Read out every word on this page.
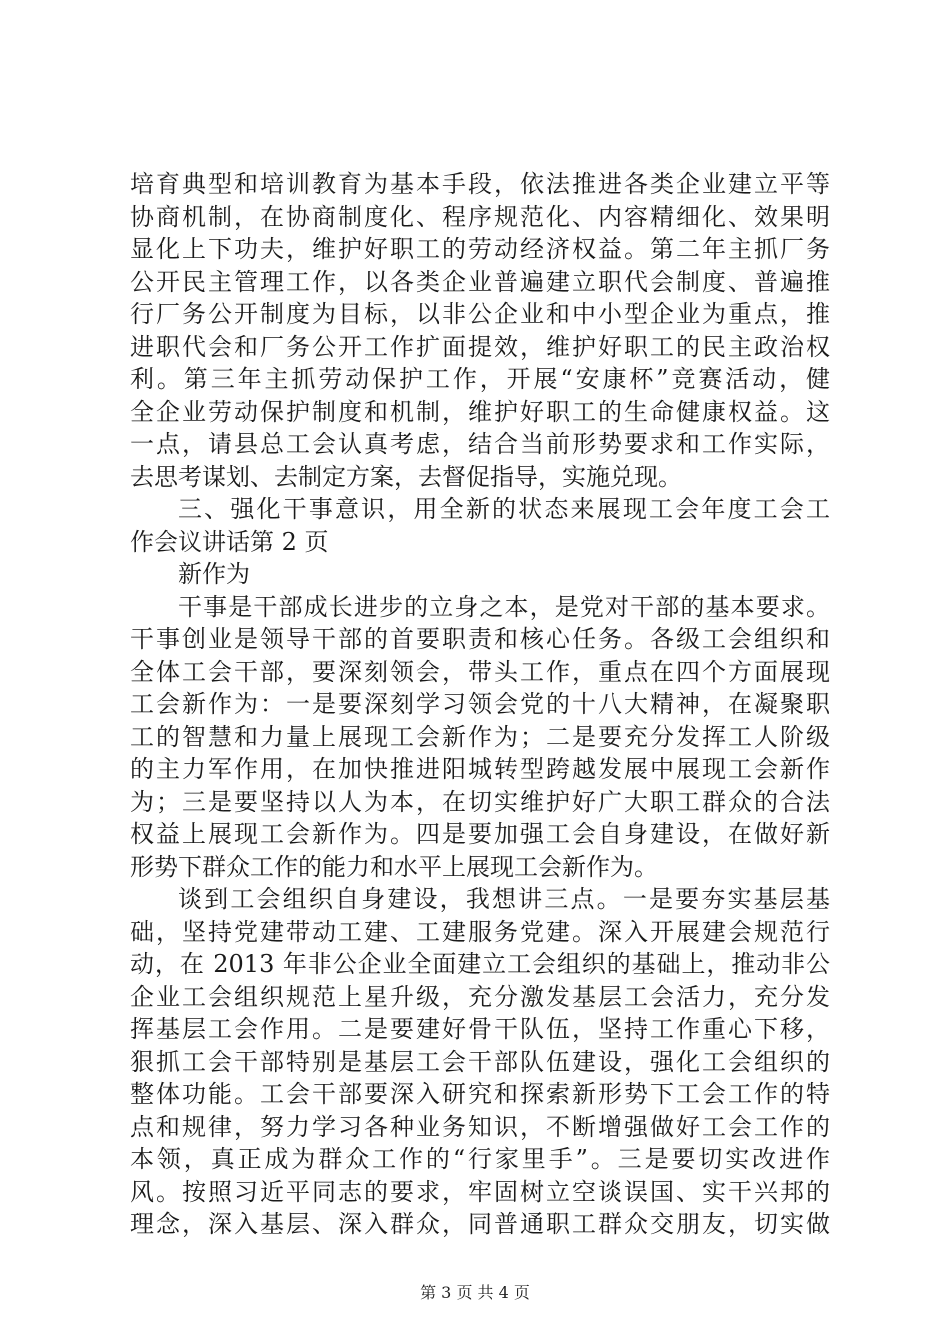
培育典型和培训教育为基本手段，依法推进各类企业建立平等
协商机制，在协商制度化、程序规范化、内容精细化、效果明
显化上下功夫，维护好职工的劳动经济权益。第二年主抓厂务
公开民主管理工作，以各类企业普遍建立职代会制度、普遍推
行厂务公开制度为目标，以非公企业和中小型企业为重点，推
进职代会和厂务公开工作扩面提效，维护好职工的民主政治权
利。第三年主抓劳动保护工作，开展“安康杯”竞赛活动，健
全企业劳动保护制度和机制，维护好职工的生命健康权益。这
一点，请县总工会认真考虑，结合当前形势要求和工作实际，
去思考谋划、去制定方案，去督促指导，实施兑现。
三、强化干事意识，用全新的状态来展现工会年度工会工
作会议讲话第 2 页
新作为
干事是干部成长进步的立身之本，是党对干部的基本要求。
干事创业是领导干部的首要职责和核心任务。各级工会组织和
全体工会干部，要深刻领会，带头工作，重点在四个方面展现
工会新作为：一是要深刻学习领会党的十八大精神，在凝聚职
工的智慧和力量上展现工会新作为；二是要充分发挥工人阶级
的主力军作用，在加快推进阳城转型跨越发展中展现工会新作
为；三是要坚持以人为本，在切实维护好广大职工群众的合法
权益上展现工会新作为。四是要加强工会自身建设，在做好新
形势下群众工作的能力和水平上展现工会新作为。
谈到工会组织自身建设，我想讲三点。一是要夯实基层基
础，坚持党建带动工建、工建服务党建。深入开展建会规范行
动，在 2013 年非公企业全面建立工会组织的基础上，推动非公
企业工会组织规范上星升级，充分激发基层工会活力，充分发
挥基层工会作用。二是要建好骨干队伍，坚持工作重心下移，
狠抓工会干部特别是基层工会干部队伍建设，强化工会组织的
整体功能。工会干部要深入研究和探索新形势下工会工作的特
点和规律，努力学习各种业务知识，不断增强做好工会工作的
本领，真正成为群众工作的“行家里手”。三是要切实改进作
风。按照习近平同志的要求，牢固树立空谈误国、实干兴邦的
理念，深入基层、深入群众，同普通职工群众交朋友，切实做
第 3 页 共 4 页
